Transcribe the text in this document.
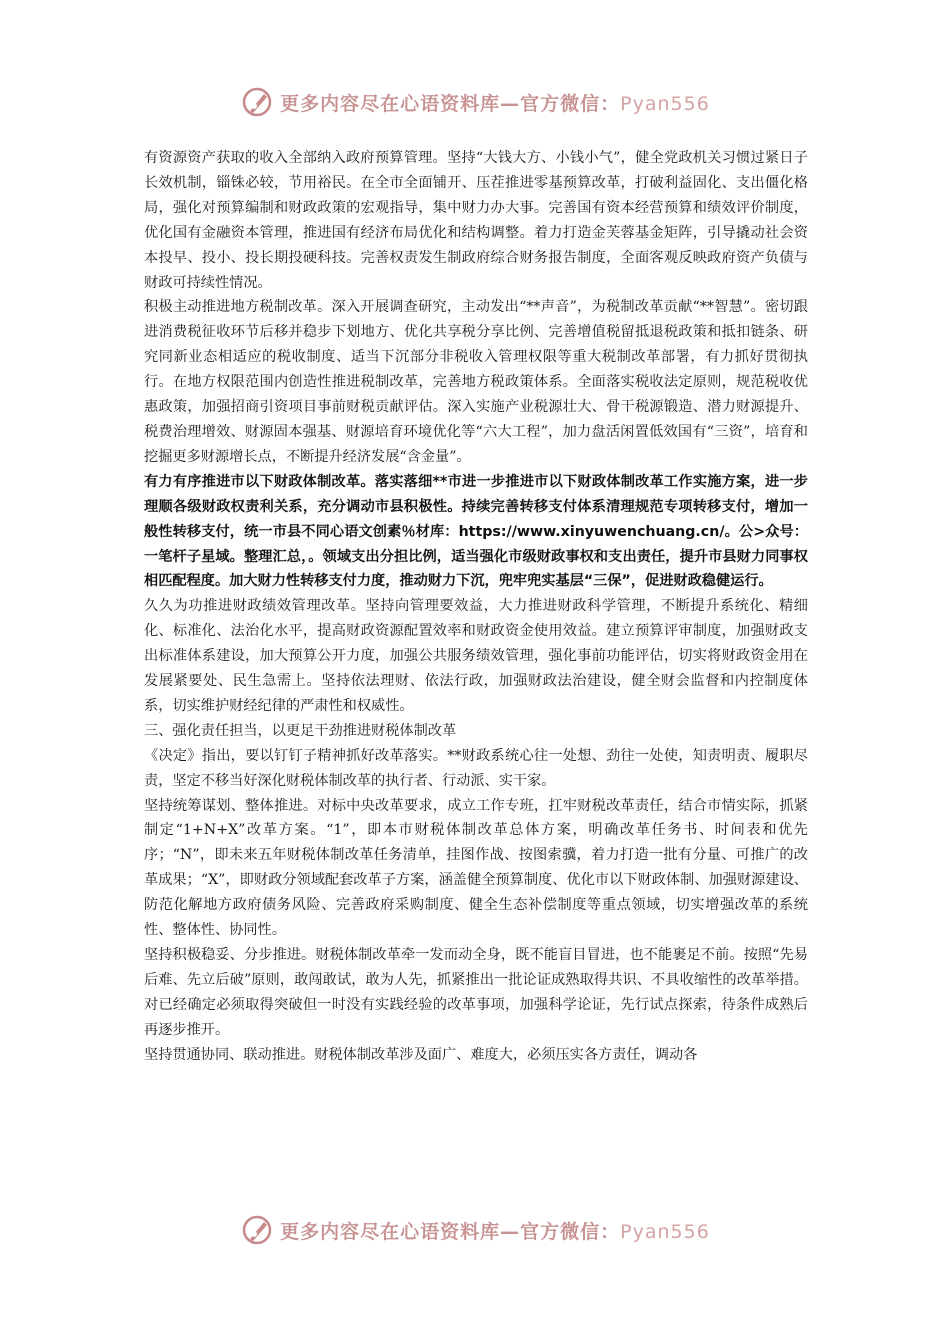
更多内容尽在心语资料库—官方微信：Pyan556

有资源资产获取的收入全部纳入政府预算管理。坚持“大钱大方、小钱小气”，健全党政机关习惯过紧日子长效机制，锱铢必较，节用裕民。在全市全面铺开、压茬推进零基预算改革，打破利益固化、支出僵化格局，强化对预算编制和财政政策的宏观指导，集中财力办大事。完善国有资本经营预算和绩效评价制度，优化国有金融资本管理，推进国有经济布局优化和结构调整。着力打造金芙蓉基金矩阵，引导撬动社会资本投早、投小、投长期投硬科技。完善权责发生制政府综合财务报告制度，全面客观反映政府资产负债与财政可持续性情况。

积极主动推进地方税制改革。深入开展调查研究，主动发出“**声音”，为税制改革贡献“**智慧”。密切跟进消费税征收环节后移并稳步下划地方、优化共享税分享比例、完善增值税留抵退税政策和抵扣链条、研究同新业态相适应的税收制度、适当下沉部分非税收入管理权限等重大税制改革部署，有力抓好贯彻执行。在地方权限范围内创造性推进税制改革，完善地方税政策体系。全面落实税收法定原则，规范税收优惠政策，加强招商引资项目事前财税贡献评估。深入实施产业税源壮大、骨干税源锻造、潜力财源提升、税费治理增效、财源固本强基、财源培育环境优化等“六大工程”，加力盘活闲置低效国有“三资”，培育和挖掘更多财源增长点，不断提升经济发展“含金量”。

有力有序推进市以下财政体制改革。落实落细**市进一步推进市以下财政体制改革工作实施方案，进一步理顺各级财政权责利关系，充分调动市县积极性。持续完善转移支付体系清理规范专项转移支付，增加一般性转移支付，统一市县不同心语文创素％材库：https://www.xinyuwenchuang.cn/。公>众号：一笔杆子星域。整理汇总，。领域支出分担比例，适当强化市级财政事权和支出责任，提升市县财力同事权相匹配程度。加大财力性转移支付力度，推动财力下沉，兜牢兜实基层“三保”，促进财政稳健运行。

久久为功推进财政绩效管理改革。坚持向管理要效益，大力推进财政科学管理，不断提升系统化、精细化、标准化、法治化水平，提高财政资源配置效率和财政资金使用效益。建立预算评审制度，加强财政支出标准体系建设，加大预算公开力度，加强公共服务绩效管理，强化事前功能评估，切实将财政资金用在发展紧要处、民生急需上。坚持依法理财、依法行政，加强财政法治建设，健全财会监督和内控制度体系，切实维护财经纪律的严肃性和权威性。

三、强化责任担当，以更足干劲推进财税体制改革

《决定》指出，要以钉钉子精神抓好改革落实。**财政系统心往一处想、劲往一处使，知责明责、履职尽责，坚定不移当好深化财税体制改革的执行者、行动派、实干家。

坚持统筹谋划、整体推进。对标中央改革要求，成立工作专班，扛牢财税改革责任，结合市情实际，抓紧制定“1+N+X”改革方案。“1”，即本市财税体制改革总体方案，明确改革任务书、时间表和优先序；“N”，即未来五年财税体制改革任务清单，挂图作战、按图索骥，着力打造一批有分量、可推广的改革成果；“X”，即财政分领域配套改革子方案，涵盖健全预算制度、优化市以下财政体制、加强财源建设、防范化解地方政府债务风险、完善政府采购制度、健全生态补偿制度等重点领域，切实增强改革的系统性、整体性、协同性。

坚持积极稳妥、分步推进。财税体制改革牵一发而动全身，既不能盲目冒进，也不能裹足不前。按照“先易后难、先立后破”原则，敢闯敢试，敢为人先，抓紧推出一批论证成熟取得共识、不具收缩性的改革举措。对已经确定必须取得突破但一时没有实践经验的改革事项，加强科学论证，先行试点探索，待条件成熟后再逐步推开。

坚持贯通协同、联动推进。财税体制改革涉及面广、难度大，必须压实各方责任，调动各

更多内容尽在心语资料库—官方微信：Pyan556
